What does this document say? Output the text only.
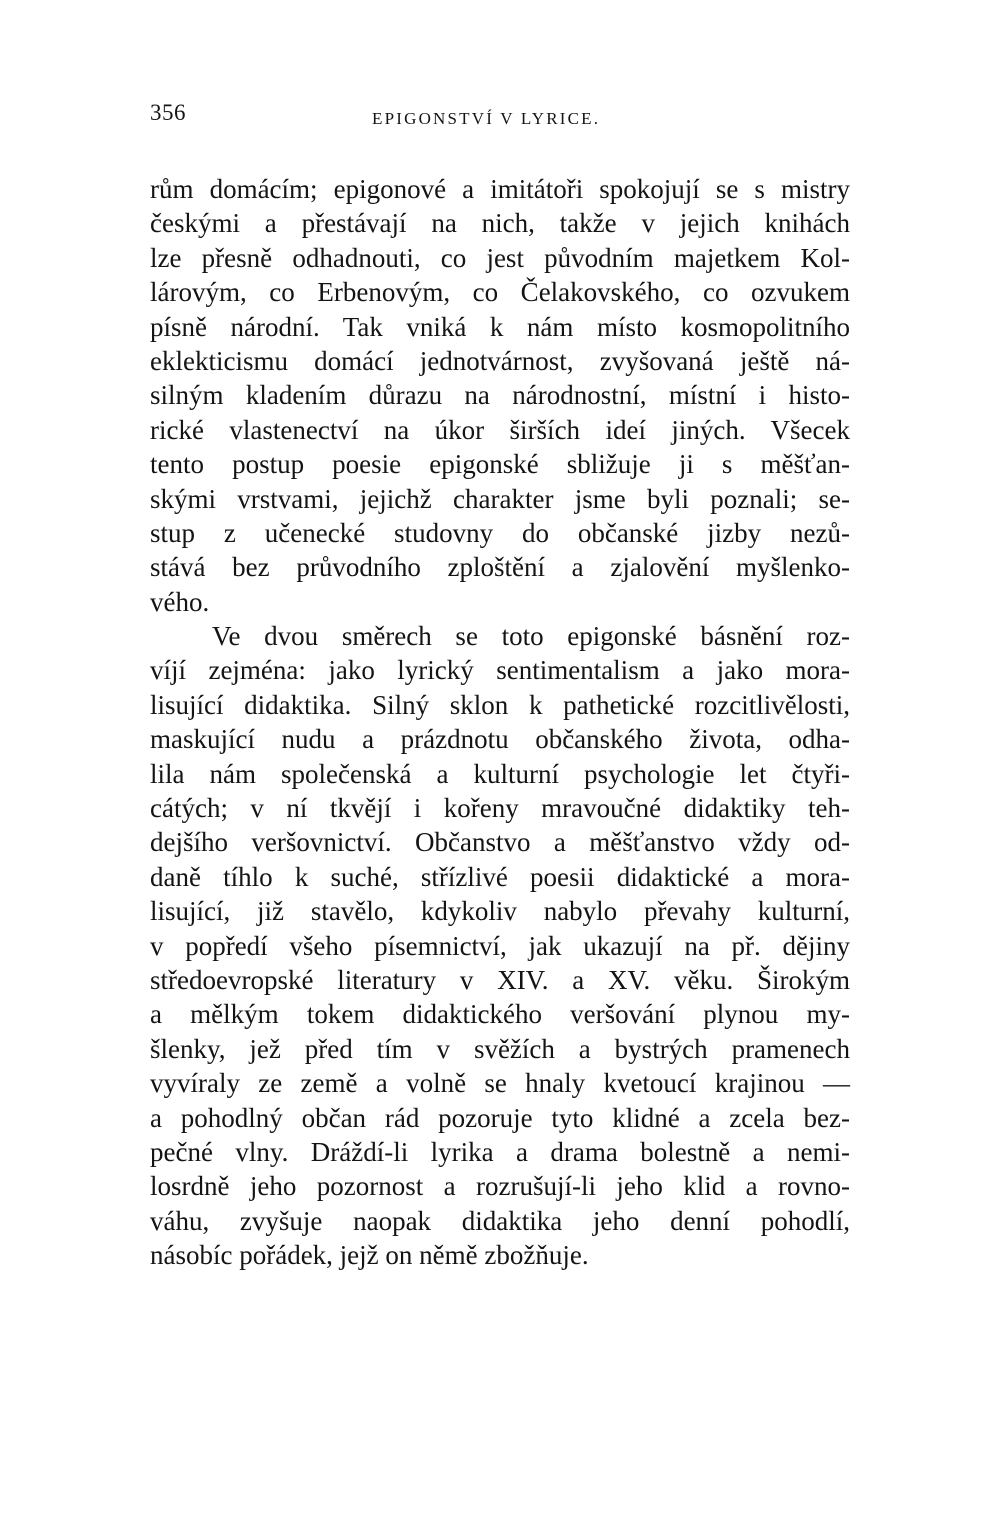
356	EPIGONSTVÍ V LYRICE.
rům domácím; epigonové a imitátoři spokojují se s mistry
českými a přestávají na nich, takže v jejich knihách
lze přesně odhadnouti, co jest původním majetkem Kol-
lárovým, co Erbenovým, co Čelakovského, co ozvukem
písně národní. Tak vniká k nám místo kosmopolitního
eklekticismu domácí jednotvárnost, zvyšovaná ještě ná-
silným kladením důrazu na národnostní, místní i histo-
rické vlastenectví na úkor širších ideí jiných. Všecek
tento postup poesie epigonské sbližuje ji s měšťan-
skými vrstvami, jejichž charakter jsme byli poznali; se-
stup z učenecké studovny do občanské jizby nezů-
stává bez průvodního zploštění a zjalovění myšlenko-
vého.
Ve dvou směrech se toto epigonské básnění roz-
víjí zejména: jako lyrický sentimentalism a jako mora-
lisující didaktika. Silný sklon k pathetické rozcitlivělosti,
maskující nudu a prázdnotu občanského života, odha-
lila nám společenská a kulturní psychologie let čtyři-
cátých; v ní tkvějí i kořeny mravoučné didaktiky teh-
dejšího veršovnictví. Občanstvo a měšťanstvo vždy od-
daně tíhlo k suché, střízlivé poesii didaktické a mora-
lisující, již stavělo, kdykoliv nabylo převahy kulturní,
v popředí všeho písemnictví, jak ukazují na př. dějiny
středoevropské literatury v XIV. a XV. věku. Širokým
a mělkým tokem didaktického veršování plynou my-
šlenky, jež před tím v svěžích a bystrých pramenech
vyvíraly ze země a volně se hnaly kvetoucí krajinou —
a pohodlný občan rád pozoruje tyto klidné a zcela bez-
pečné vlny. Dráždí-li lyrika a drama bolestně a nemi-
losrdně jeho pozornost a rozrušují-li jeho klid a rovno-
váhu, zvyšuje naopak didaktika jeho denní pohodlí,
násobíc pořádek, jejž on němě zbožňuje.
